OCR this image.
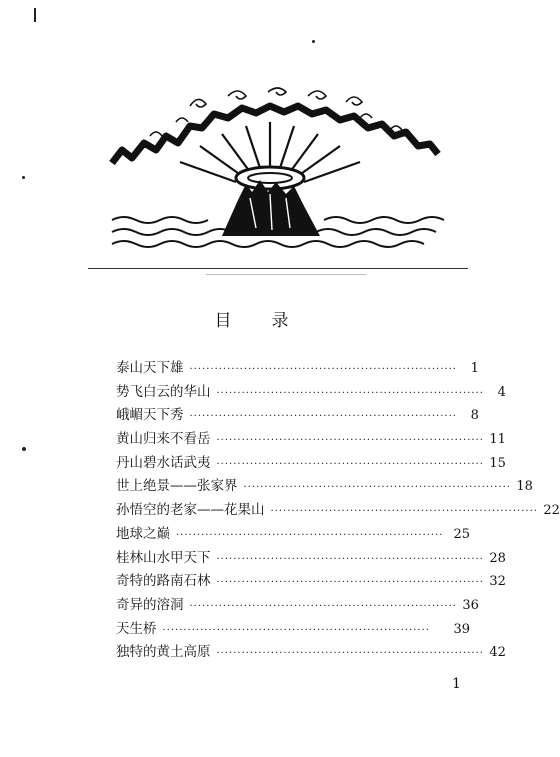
目 录
泰山天下雄 ································································	1
势飞白云的华山 ································································	4
峨嵋天下秀 ································································	8
黄山归来不看岳 ································································ 11
丹山碧水话武夷 ································································ 15
世上绝景——张家界 ································································ 18
孙悟空的老家——花果山 ································································ 22
地球之巅 ································································ 25
桂林山水甲天下 ································································ 28
奇特的路南石林 ································································ 32
奇异的溶洞 ································································ 36
天生桥 ································································	39
独特的黄土高原 ································································ 42
1
